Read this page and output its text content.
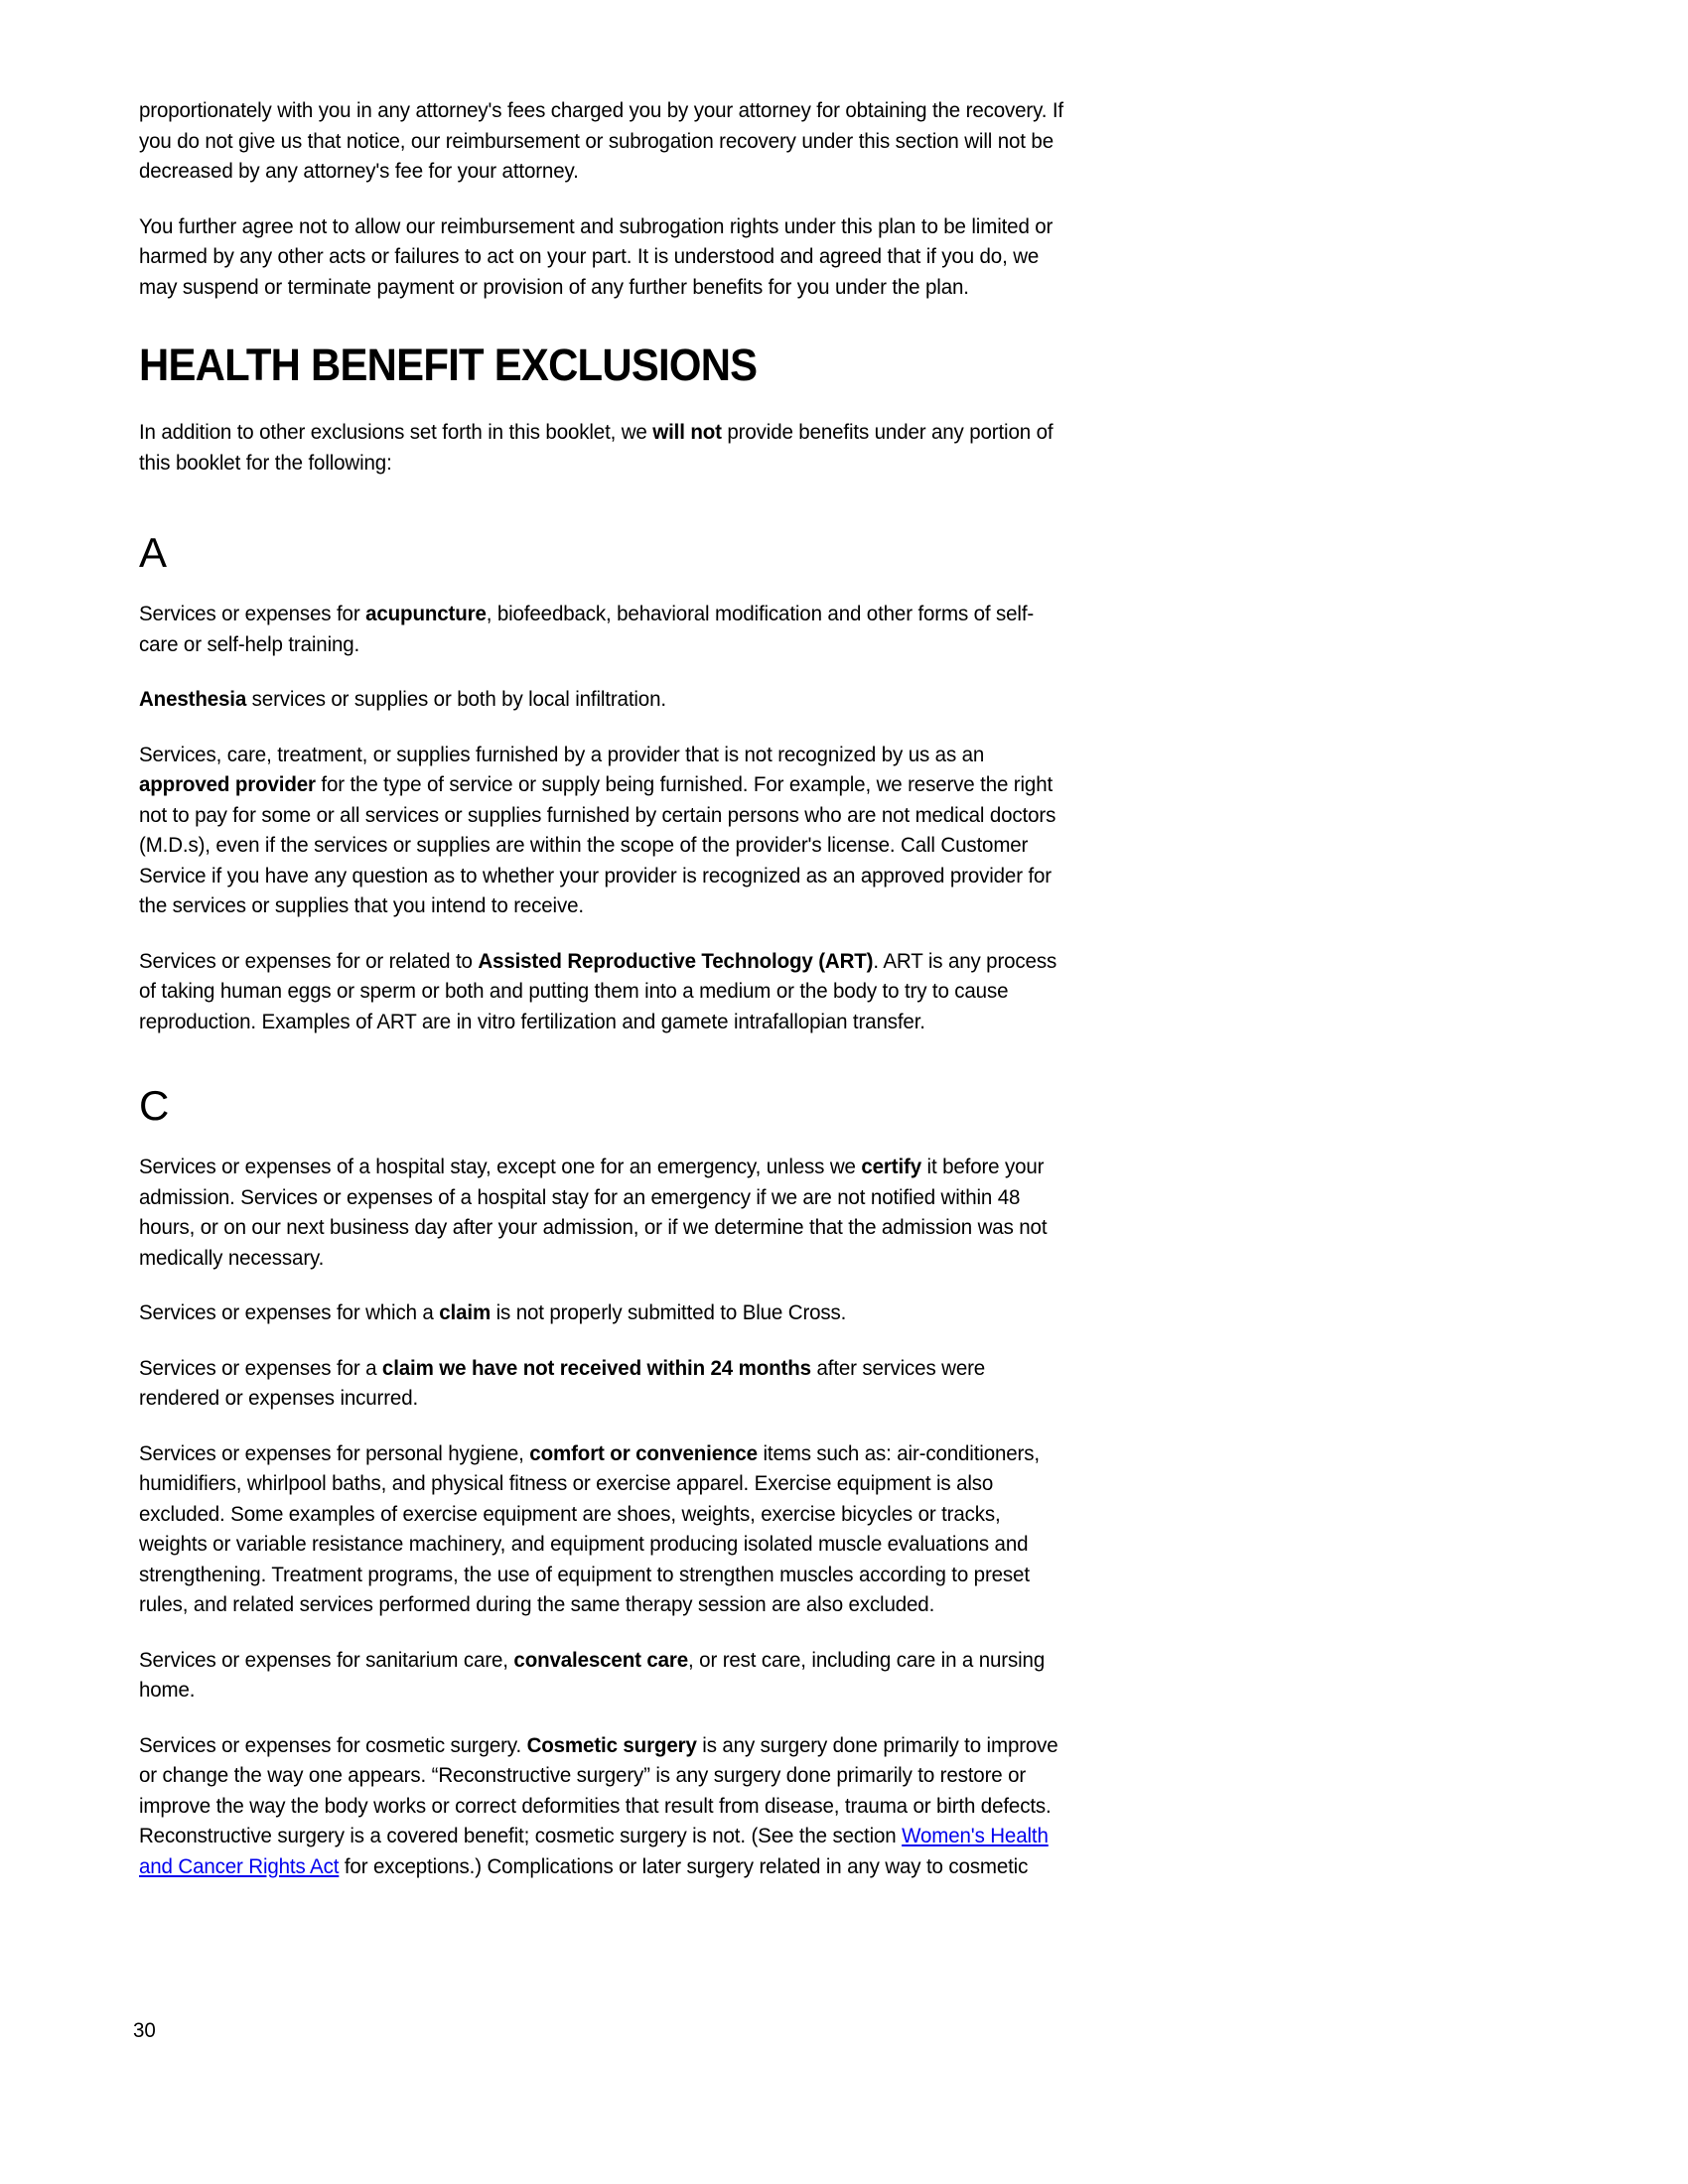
proportionately with you in any attorney's fees charged you by your attorney for obtaining the recovery. If you do not give us that notice, our reimbursement or subrogation recovery under this section will not be decreased by any attorney's fee for your attorney.

You further agree not to allow our reimbursement and subrogation rights under this plan to be limited or harmed by any other acts or failures to act on your part. It is understood and agreed that if you do, we may suspend or terminate payment or provision of any further benefits for you under the plan.

HEALTH BENEFIT EXCLUSIONS

In addition to other exclusions set forth in this booklet, we will not provide benefits under any portion of this booklet for the following:

A

Services or expenses for acupuncture, biofeedback, behavioral modification and other forms of self-care or self-help training.

Anesthesia services or supplies or both by local infiltration.

Services, care, treatment, or supplies furnished by a provider that is not recognized by us as an approved provider for the type of service or supply being furnished. For example, we reserve the right not to pay for some or all services or supplies furnished by certain persons who are not medical doctors (M.D.s), even if the services or supplies are within the scope of the provider's license. Call Customer Service if you have any question as to whether your provider is recognized as an approved provider for the services or supplies that you intend to receive.

Services or expenses for or related to Assisted Reproductive Technology (ART). ART is any process of taking human eggs or sperm or both and putting them into a medium or the body to try to cause reproduction. Examples of ART are in vitro fertilization and gamete intrafallopian transfer.

C

Services or expenses of a hospital stay, except one for an emergency, unless we certify it before your admission. Services or expenses of a hospital stay for an emergency if we are not notified within 48 hours, or on our next business day after your admission, or if we determine that the admission was not medically necessary.

Services or expenses for which a claim is not properly submitted to Blue Cross.

Services or expenses for a claim we have not received within 24 months after services were rendered or expenses incurred.

Services or expenses for personal hygiene, comfort or convenience items such as: air-conditioners, humidifiers, whirlpool baths, and physical fitness or exercise apparel. Exercise equipment is also excluded. Some examples of exercise equipment are shoes, weights, exercise bicycles or tracks, weights or variable resistance machinery, and equipment producing isolated muscle evaluations and strengthening. Treatment programs, the use of equipment to strengthen muscles according to preset rules, and related services performed during the same therapy session are also excluded.

Services or expenses for sanitarium care, convalescent care, or rest care, including care in a nursing home.

Services or expenses for cosmetic surgery. Cosmetic surgery is any surgery done primarily to improve or change the way one appears. “Reconstructive surgery” is any surgery done primarily to restore or improve the way the body works or correct deformities that result from disease, trauma or birth defects. Reconstructive surgery is a covered benefit; cosmetic surgery is not. (See the section Women's Health and Cancer Rights Act for exceptions.) Complications or later surgery related in any way to cosmetic

30
